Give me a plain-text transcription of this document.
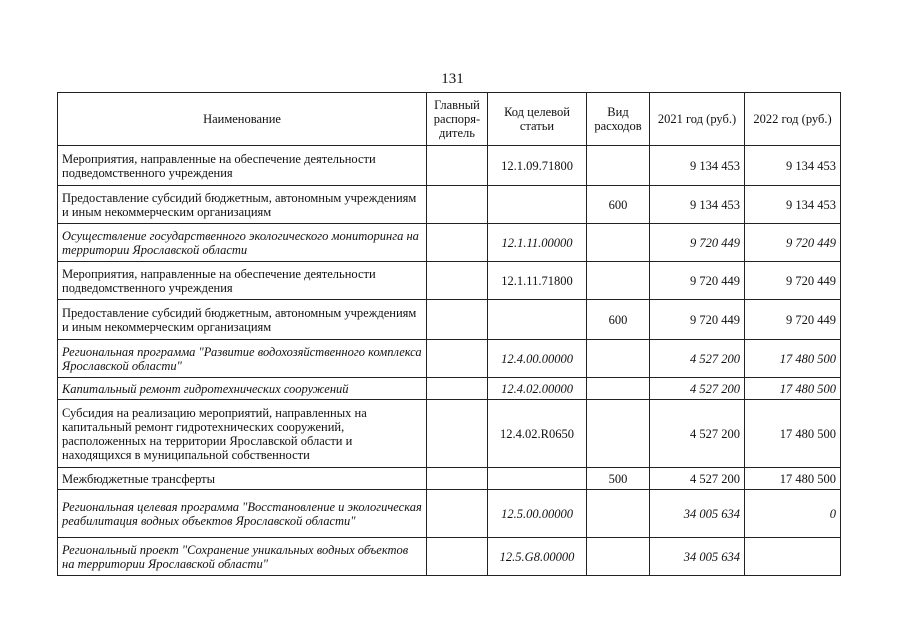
131
Наименование	Главный распоря-дитель	Код целевой статьи	Вид расходов	2021 год (руб.)	2022 год (руб.)
Мероприятия, направленные на обеспечение деятельности подведомственного учреждения		12.1.09.71800		9 134 453	9 134 453
Предоставление субсидий бюджетным, автономным учреждениям и иным некоммерческим организациям			600	9 134 453	9 134 453
Осуществление государственного экологического мониторинга на территории Ярославской области		12.1.11.00000		9 720 449	9 720 449
Мероприятия, направленные на обеспечение деятельности подведомственного учреждения		12.1.11.71800		9 720 449	9 720 449
Предоставление субсидий бюджетным, автономным учреждениям и иным некоммерческим организациям			600	9 720 449	9 720 449
Региональная программа "Развитие водохозяйственного комплекса Ярославской области"		12.4.00.00000		4 527 200	17 480 500
Капитальный ремонт гидротехнических сооружений		12.4.02.00000		4 527 200	17 480 500
Субсидия на реализацию мероприятий, направленных на капитальный ремонт гидротехнических сооружений, расположенных на территории Ярославской области и находящихся в муниципальной собственности		12.4.02.R0650		4 527 200	17 480 500
Межбюджетные трансферты			500	4 527 200	17 480 500
Региональная целевая программа "Восстановление и экологическая реабилитация водных объектов Ярославской области"		12.5.00.00000		34 005 634	0
Региональный проект "Сохранение уникальных водных объектов на территории Ярославской области"		12.5.G8.00000		34 005 634	
